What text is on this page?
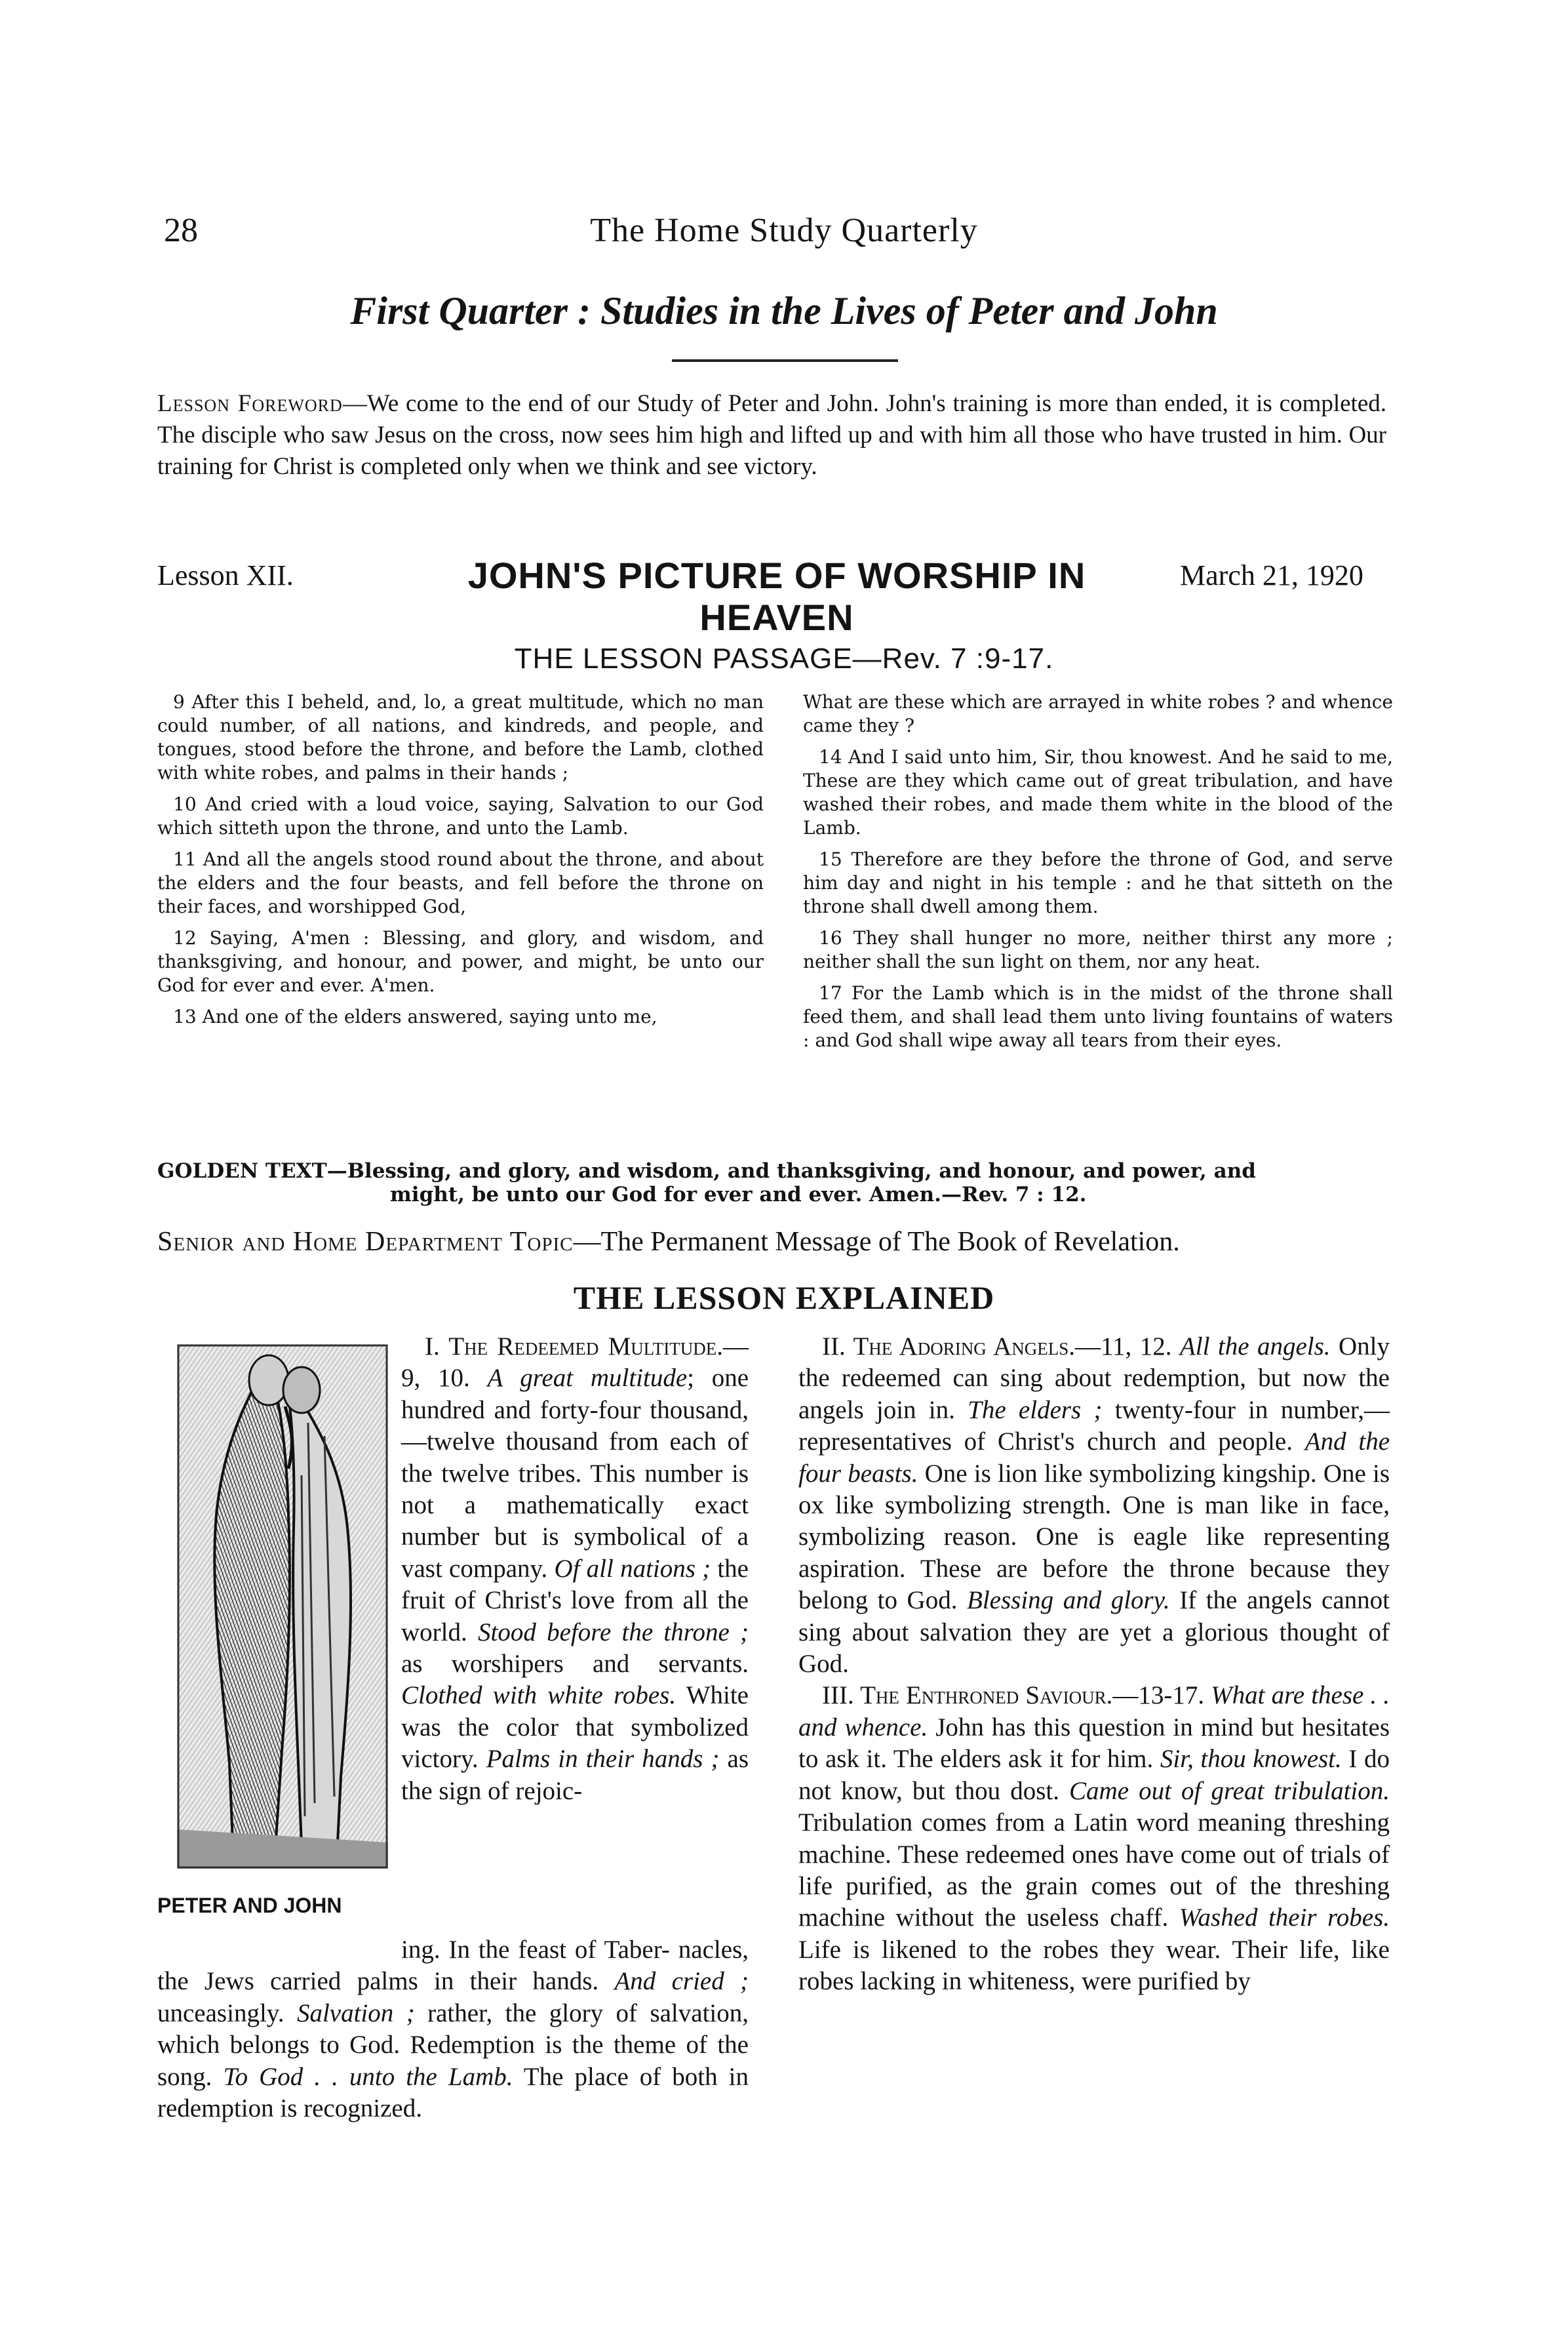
28	The Home Study Quarterly
First Quarter : Studies in the Lives of Peter and John
Lesson Foreword—We come to the end of our Study of Peter and John. John's training is more than ended, it is completed. The disciple who saw Jesus on the cross, now sees him high and lifted up and with him all those who have trusted in him. Our training for Christ is completed only when we think and see victory.
Lesson XII.	JOHN'S PICTURE OF WORSHIP IN HEAVEN
March 21, 1920
THE LESSON PASSAGE—Rev. 7 :9-17.

9 After this I beheld, and, lo, a great multitude, which no man could number, of all nations, and kindreds, and people, and tongues, stood before the throne, and before the Lamb, clothed with white robes, and palms in their hands ;

10 And cried with a loud voice, saying, Salvation to our God which sitteth upon the throne, and unto the Lamb.

11 And all the angels stood round about the throne, and about the elders and the four beasts, and fell before the throne on their faces, and worshipped God,

12 Saying, A'men : Blessing, and glory, and wisdom, and thanksgiving, and honour, and power, and might, be unto our God for ever and ever. A'men.

13 And one of the elders answered, saying unto me,

What are these which are arrayed in white robes ? and whence came they ?

14 And I said unto him, Sir, thou knowest. And he said to me, These are they which came out of great tribulation, and have washed their robes, and made them white in the blood of the Lamb.

15 Therefore are they before the throne of God, and serve him day and night in his temple : and he that sitteth on the throne shall dwell among them.

16 They shall hunger no more, neither thirst any more ; neither shall the sun light on them, nor any heat.

17 For the Lamb which is in the midst of the throne shall feed them, and shall lead them unto living fountains of waters : and God shall wipe away all tears from their eyes.

GOLDEN TEXT—Blessing, and glory, and wisdom, and thanksgiving, and honour, and power, and
might, be unto our God for ever and ever. Amen.—Rev. 7 : 12.
Senior and Home Department Topic—The Permanent Message of The Book of Revelation.
THE LESSON EXPLAINED
PETER AND JOHN

I. The Redeemed Multitude.—9, 10. A great multitude; one hundred and forty-four thousand,—twelve thousand from each of the twelve tribes. This number is not a mathematically exact number but is symbolical of a vast company. Of all nations ; the fruit of Christ's love from all the world. Stood before the throne ; as worshipers and servants. Clothed with white robes. White was the color that symbolized victory. Palms in their hands ; as the sign of rejoic-

ing. In the feast of Taber- nacles, the Jews carried palms in their hands. And cried ; unceasingly. Salvation ; rather, the glory of salvation, which belongs to God. Redemption is the theme of the song. To God . . unto the Lamb. The place of both in redemption is recognized.

II. The Adoring Angels.—11, 12. All the angels. Only the redeemed can sing about redemption, but now the angels join in. The elders ; twenty-four in number,—representatives of Christ's church and people. And the four beasts. One is lion like symbolizing kingship. One is ox like symbolizing strength. One is man like in face, symbolizing reason. One is eagle like representing aspiration. These are before the throne because they belong to God. Blessing and glory. If the angels cannot sing about salvation they are yet a glorious thought of God.

III. The Enthroned Saviour.—13-17. What are these . . and whence. John has this question in mind but hesitates to ask it. The elders ask it for him. Sir, thou knowest. I do not know, but thou dost. Came out of great tribulation. Tribulation comes from a Latin word meaning threshing machine. These redeemed ones have come out of trials of life purified, as the grain comes out of the threshing machine without the useless chaff. Washed their robes. Life is likened to the robes they wear. Their life, like robes lacking in whiteness, were purified by
